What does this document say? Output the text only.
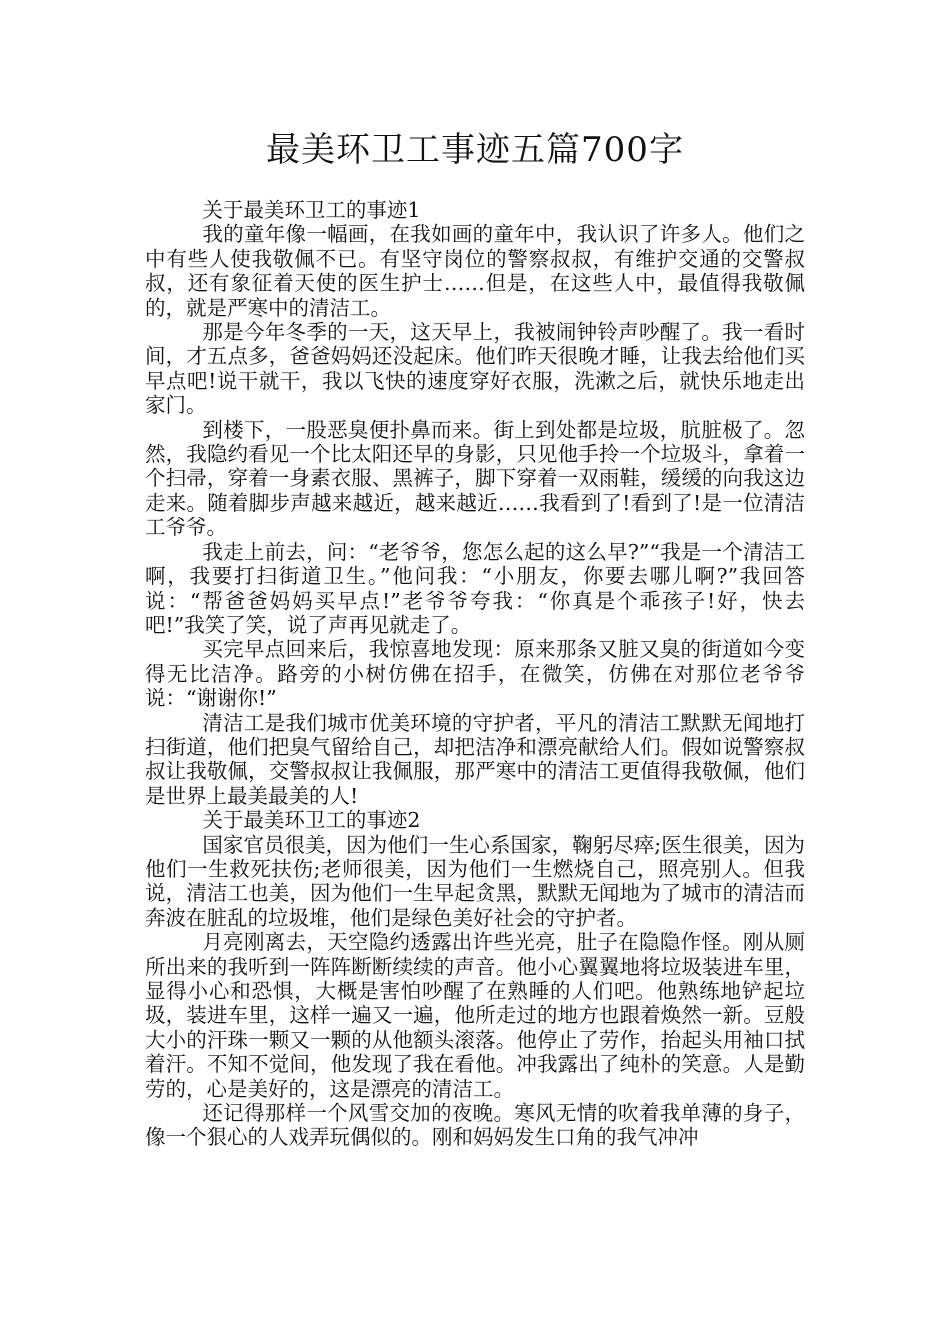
最美环卫工事迹五篇700字

关于最美环卫工的事迹1

我的童年像一幅画，在我如画的童年中，我认识了许多人。他们之中有些人使我敬佩不已。有坚守岗位的警察叔叔，有维护交通的交警叔叔，还有象征着天使的医生护士……但是，在这些人中，最值得我敬佩的，就是严寒中的清洁工。

那是今年冬季的一天，这天早上，我被闹钟铃声吵醒了。我一看时间，才五点多，爸爸妈妈还没起床。他们昨天很晚才睡，让我去给他们买早点吧!说干就干，我以飞快的速度穿好衣服，洗漱之后，就快乐地走出家门。

到楼下，一股恶臭便扑鼻而来。街上到处都是垃圾，肮脏极了。忽然，我隐约看见一个比太阳还早的身影，只见他手拎一个垃圾斗，拿着一个扫帚，穿着一身素衣服、黑裤子，脚下穿着一双雨鞋，缓缓的向我这边走来。随着脚步声越来越近，越来越近……我看到了!看到了!是一位清洁工爷爷。

我走上前去，问：“老爷爷，您怎么起的这么早?”“我是一个清洁工啊，我要打扫街道卫生。”他问我：“小朋友，你要去哪儿啊?”我回答说：“帮爸爸妈妈买早点!”老爷爷夸我：“你真是个乖孩子!好，快去吧!”我笑了笑，说了声再见就走了。

买完早点回来后，我惊喜地发现：原来那条又脏又臭的街道如今变得无比洁净。路旁的小树仿佛在招手，在微笑，仿佛在对那位老爷爷说：“谢谢你!”

清洁工是我们城市优美环境的守护者，平凡的清洁工默默无闻地打扫街道，他们把臭气留给自己，却把洁净和漂亮献给人们。假如说警察叔叔让我敬佩，交警叔叔让我佩服，那严寒中的清洁工更值得我敬佩，他们是世界上最美最美的人!

关于最美环卫工的事迹2

国家官员很美，因为他们一生心系国家，鞠躬尽瘁;医生很美，因为他们一生救死扶伤;老师很美，因为他们一生燃烧自己，照亮别人。但我说，清洁工也美，因为他们一生早起贪黑，默默无闻地为了城市的清洁而奔波在脏乱的垃圾堆，他们是绿色美好社会的守护者。

月亮刚离去，天空隐约透露出许些光亮，肚子在隐隐作怪。刚从厕所出来的我听到一阵阵断断续续的声音。他小心翼翼地将垃圾装进车里，显得小心和恐惧，大概是害怕吵醒了在熟睡的人们吧。他熟练地铲起垃圾，装进车里，这样一遍又一遍，他所走过的地方也跟着焕然一新。豆般大小的汗珠一颗又一颗的从他额头滚落。他停止了劳作，抬起头用袖口拭着汗。不知不觉间，他发现了我在看他。冲我露出了纯朴的笑意。人是勤劳的，心是美好的，这是漂亮的清洁工。

还记得那样一个风雪交加的夜晚。寒风无情的吹着我单薄的身子，像一个狠心的人戏弄玩偶似的。刚和妈妈发生口角的我气冲冲
